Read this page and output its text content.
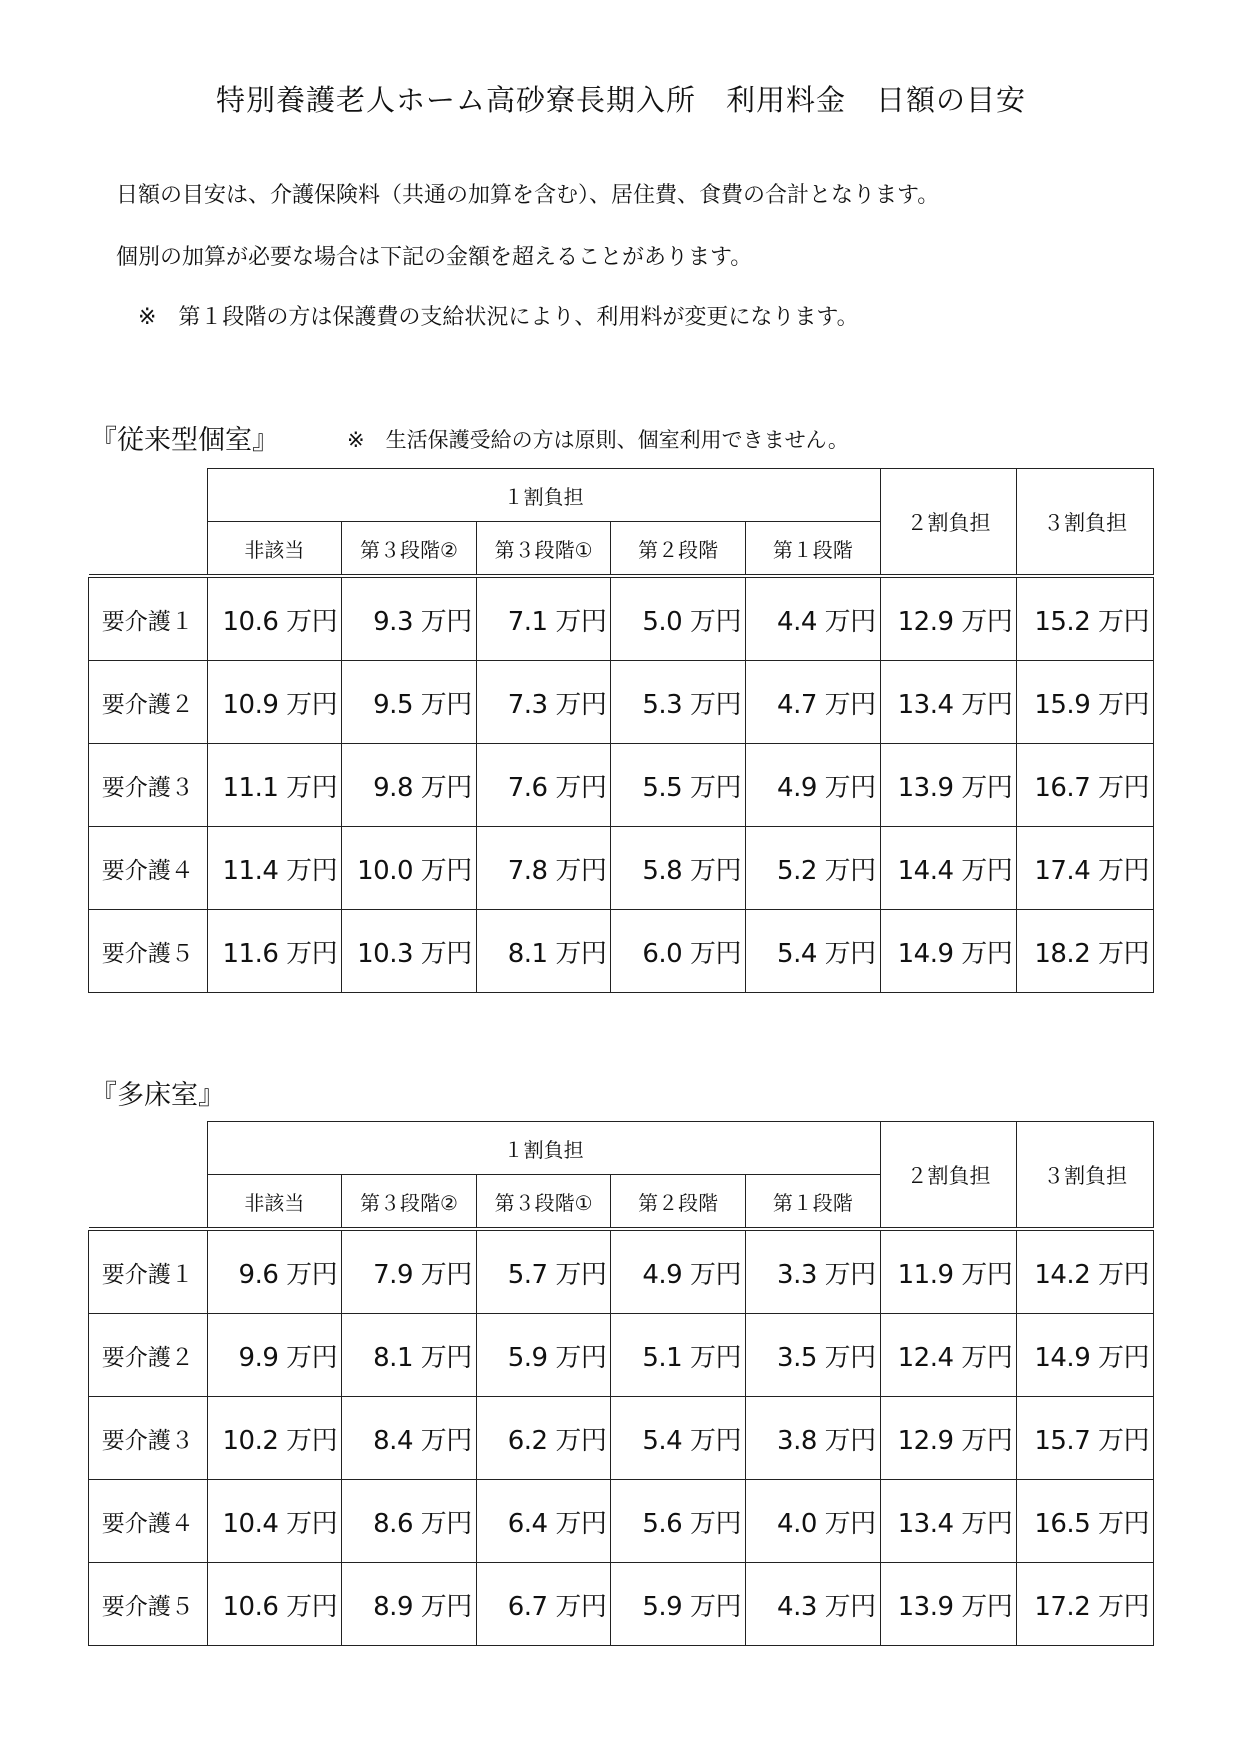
特別養護老人ホーム高砂寮長期入所　利用料金　日額の目安
日額の目安は、介護保険料（共通の加算を含む）、居住費、食費の合計となります。
個別の加算が必要な場合は下記の金額を超えることがあります。
※　第１段階の方は保護費の支給状況により、利用料が変更になります。
『従来型個室』	※　生活保護受給の方は原則、個室利用できません。
	１割負担					２割負担	３割負担
	非該当	第３段階②	第３段階①	第２段階	第１段階		

要介護１	10.6 万円	9.3 万円	7.1 万円	5.0 万円	4.4 万円	12.9 万円	15.2 万円
要介護２	10.9 万円	9.5 万円	7.3 万円	5.3 万円	4.7 万円	13.4 万円	15.9 万円
要介護３	11.1 万円	9.8 万円	7.6 万円	5.5 万円	4.9 万円	13.9 万円	16.7 万円
要介護４	11.4 万円	10.0 万円	7.8 万円	5.8 万円	5.2 万円	14.4 万円	17.4 万円
要介護５	11.6 万円	10.3 万円	8.1 万円	6.0 万円	5.4 万円	14.9 万円	18.2 万円
『多床室』
	１割負担					２割負担	３割負担
	非該当	第３段階②	第３段階①	第２段階	第１段階		

要介護１	9.6 万円	7.9 万円	5.7 万円	4.9 万円	3.3 万円	11.9 万円	14.2 万円
要介護２	9.9 万円	8.1 万円	5.9 万円	5.1 万円	3.5 万円	12.4 万円	14.9 万円
要介護３	10.2 万円	8.4 万円	6.2 万円	5.4 万円	3.8 万円	12.9 万円	15.7 万円
要介護４	10.4 万円	8.6 万円	6.4 万円	5.6 万円	4.0 万円	13.4 万円	16.5 万円
要介護５	10.6 万円	8.9 万円	6.7 万円	5.9 万円	4.3 万円	13.9 万円	17.2 万円
